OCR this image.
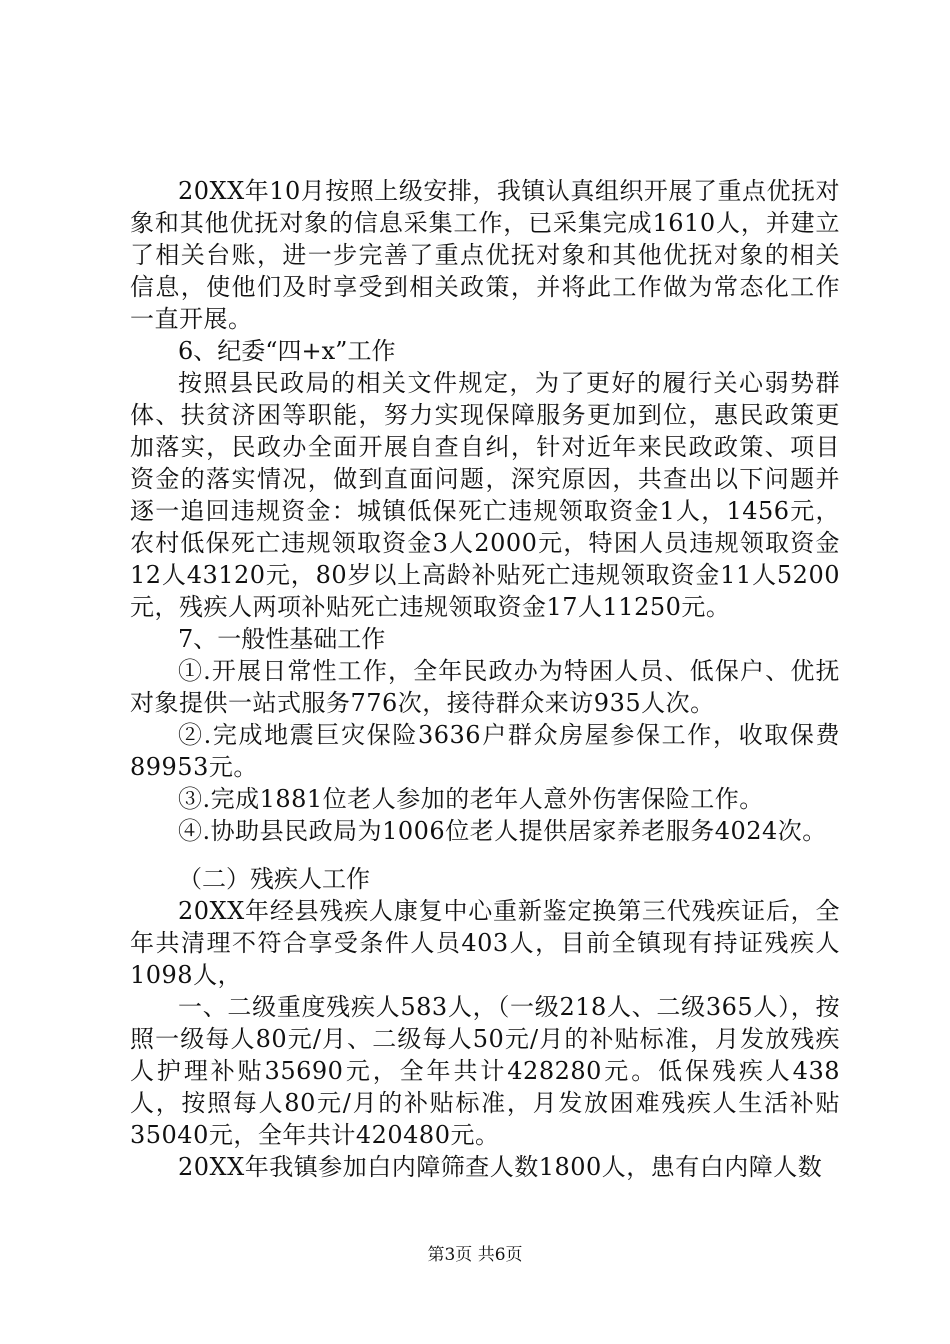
20XX年10月按照上级安排，我镇认真组织开展了重点优抚对象和其他优抚对象的信息采集工作，已采集完成1610人，并建立了相关台账，进一步完善了重点优抚对象和其他优抚对象的相关信息，使他们及时享受到相关政策，并将此工作做为常态化工作一直开展。

6、纪委“四+x”工作

按照县民政局的相关文件规定，为了更好的履行关心弱势群体、扶贫济困等职能，努力实现保障服务更加到位，惠民政策更加落实，民政办全面开展自查自纠，针对近年来民政政策、项目资金的落实情况，做到直面问题，深究原因，共查出以下问题并逐一追回违规资金：城镇低保死亡违规领取资金1人，1456元，农村低保死亡违规领取资金3人2000元，特困人员违规领取资金12人43120元，80岁以上高龄补贴死亡违规领取资金11人5200元，残疾人两项补贴死亡违规领取资金17人11250元。

7、一般性基础工作

①.开展日常性工作，全年民政办为特困人员、低保户、优抚对象提供一站式服务776次，接待群众来访935人次。

②.完成地震巨灾保险3636户群众房屋参保工作，收取保费89953元。

③.完成1881位老人参加的老年人意外伤害保险工作。

④.协助县民政局为1006位老人提供居家养老服务4024次。

（二）残疾人工作

20XX年经县残疾人康复中心重新鉴定换第三代残疾证后，全年共清理不符合享受条件人员403人，目前全镇现有持证残疾人1098人，

一、二级重度残疾人583人，（一级218人、二级365人），按照一级每人80元/月、二级每人50元/月的补贴标准，月发放残疾人护理补贴35690元，全年共计428280元。低保残疾人438人，按照每人80元/月的补贴标准，月发放困难残疾人生活补贴35040元，全年共计420480元。

20XX年我镇参加白内障筛查人数1800人，患有白内障人数

第3页 共6页
